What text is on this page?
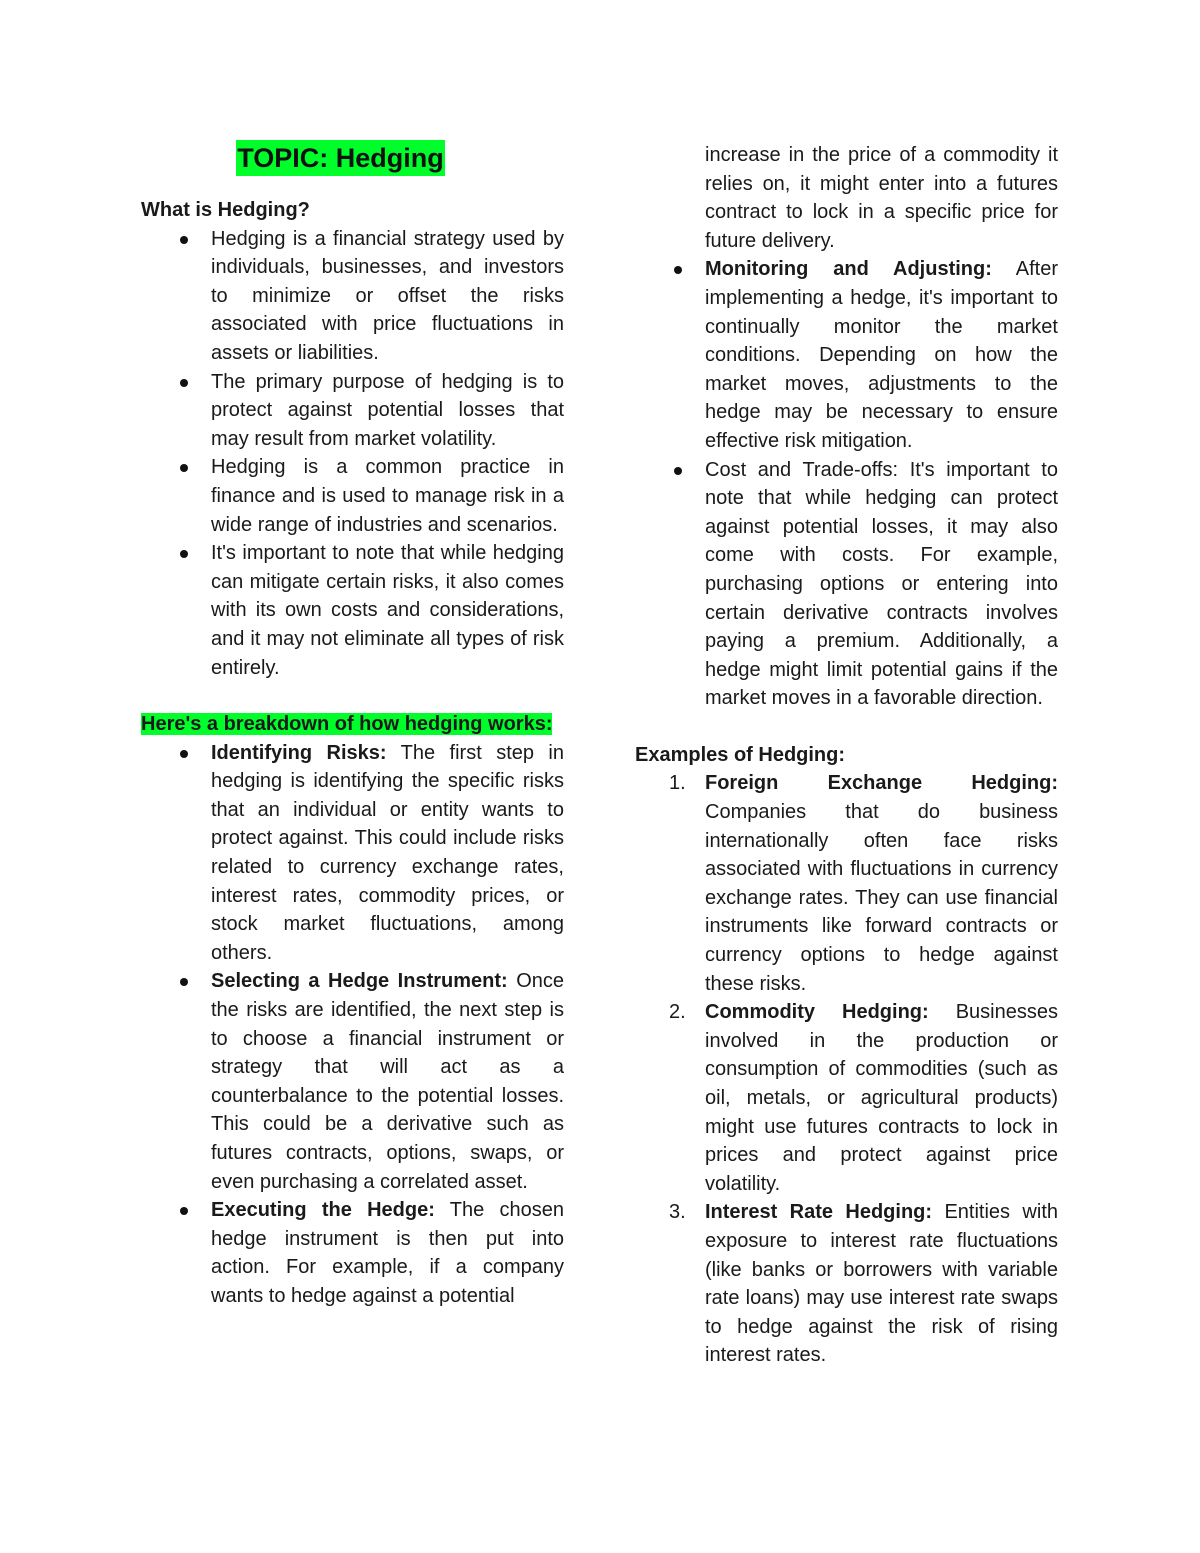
TOPIC: Hedging

What is Hedging?

Hedging is a financial strategy used by individuals, businesses, and investors to minimize or offset the risks associated with price fluctuations in assets or liabilities.
The primary purpose of hedging is to protect against potential losses that may result from market volatility.
Hedging is a common practice in finance and is used to manage risk in a wide range of industries and scenarios.
It's important to note that while hedging can mitigate certain risks, it also comes with its own costs and considerations, and it may not eliminate all types of risk entirely.

Here's a breakdown of how hedging works:

Identifying Risks: The first step in hedging is identifying the specific risks that an individual or entity wants to protect against. This could include risks related to currency exchange rates, interest rates, commodity prices, or stock market fluctuations, among others.
Selecting a Hedge Instrument: Once the risks are identified, the next step is to choose a financial instrument or strategy that will act as a counterbalance to the potential losses. This could be a derivative such as futures contracts, options, swaps, or even purchasing a correlated asset.
Executing the Hedge: The chosen hedge instrument is then put into action. For example, if a company wants to hedge against a potential
increase in the price of a commodity it relies on, it might enter into a futures contract to lock in a specific price for future delivery.
Monitoring and Adjusting: After implementing a hedge, it's important to continually monitor the market conditions. Depending on how the market moves, adjustments to the hedge may be necessary to ensure effective risk mitigation.
Cost and Trade-offs: It's important to note that while hedging can protect against potential losses, it may also come with costs. For example, purchasing options or entering into certain derivative contracts involves paying a premium. Additionally, a hedge might limit potential gains if the market moves in a favorable direction.

Examples of Hedging:

1. Foreign Exchange Hedging: Companies that do business internationally often face risks associated with fluctuations in currency exchange rates. They can use financial instruments like forward contracts or currency options to hedge against these risks.
2. Commodity Hedging: Businesses involved in the production or consumption of commodities (such as oil, metals, or agricultural products) might use futures contracts to lock in prices and protect against price volatility.
3. Interest Rate Hedging: Entities with exposure to interest rate fluctuations (like banks or borrowers with variable rate loans) may use interest rate swaps to hedge against the risk of rising interest rates.
